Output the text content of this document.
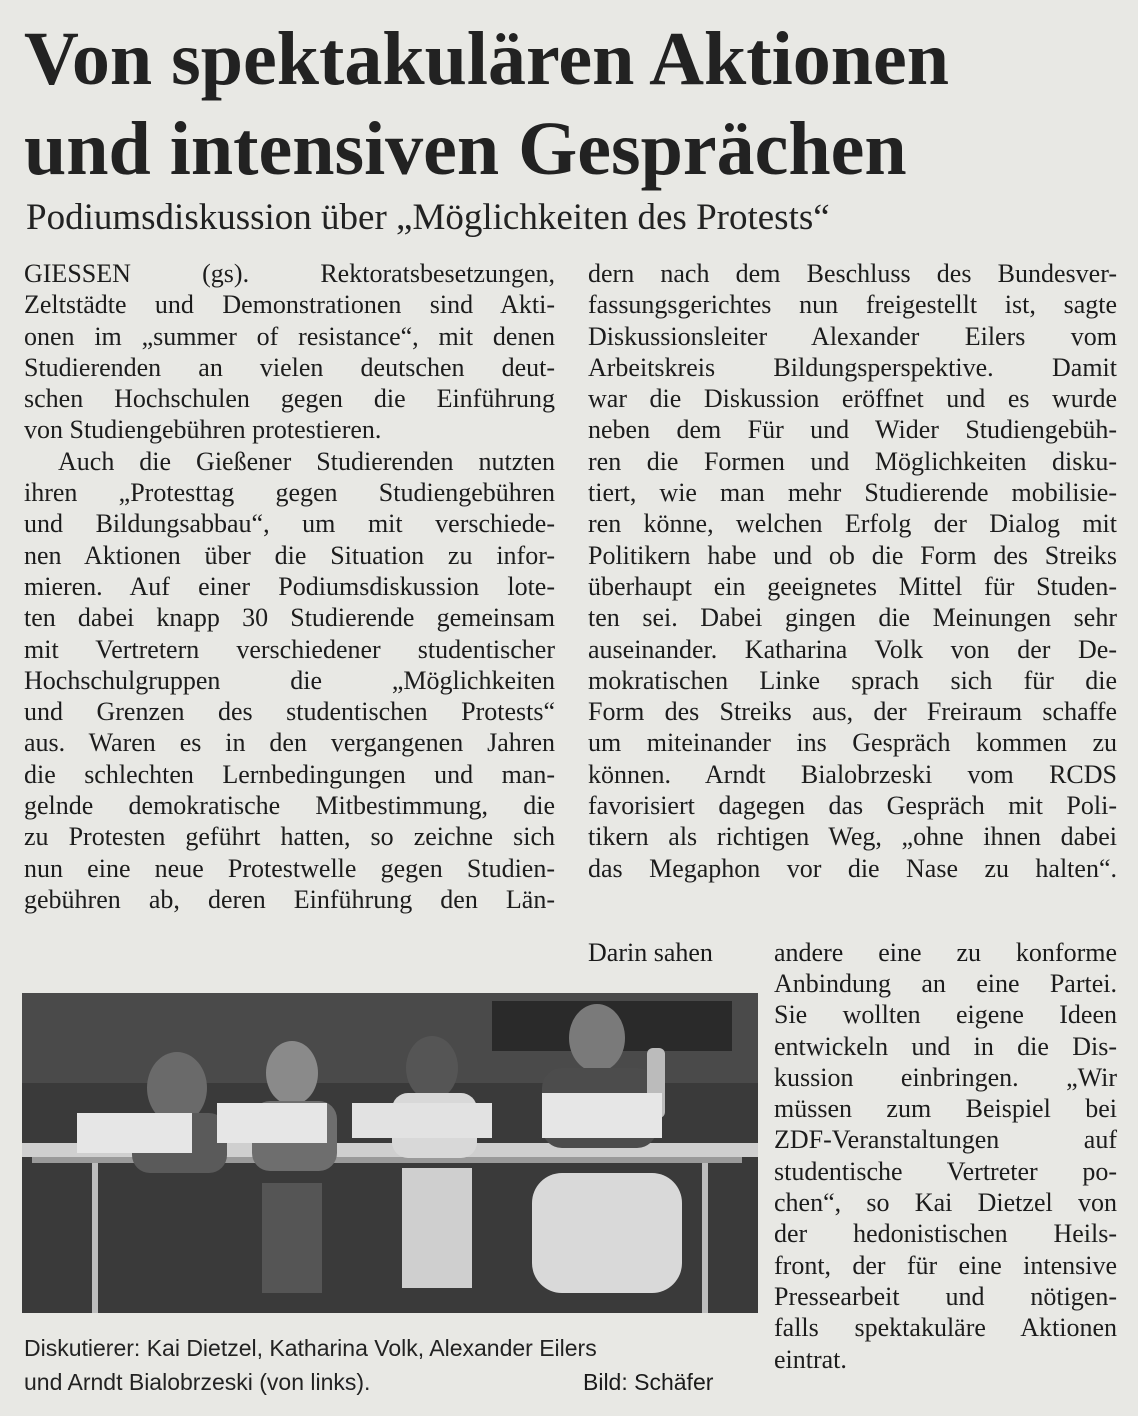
Von spektakulären Aktionen
und intensiven Gesprächen
Podiumsdiskussion über „Möglichkeiten des Protests“
GIESSEN (gs). Rektoratsbesetzungen,
Zeltstädte und Demonstrationen sind Akti-
onen im „summer of resistance“, mit denen
Studierenden an vielen deutschen deut-
schen Hochschulen gegen die Einführung
von Studiengebühren protestieren.
Auch die Gießener Studierenden nutzten
ihren „Protesttag gegen Studiengebühren
und Bildungsabbau“, um mit verschiede-
nen Aktionen über die Situation zu infor-
mieren. Auf einer Podiumsdiskussion lote-
ten dabei knapp 30 Studierende gemeinsam
mit Vertretern verschiedener studentischer
Hochschulgruppen die „Möglichkeiten
und Grenzen des studentischen Protests“
aus. Waren es in den vergangenen Jahren
die schlechten Lernbedingungen und man-
gelnde demokratische Mitbestimmung, die
zu Protesten geführt hatten, so zeichne sich
nun eine neue Protestwelle gegen Studien-
gebühren ab, deren Einführung den Län-
dern nach dem Beschluss des Bundesver-
fassungsgerichtes nun freigestellt ist, sagte
Diskussionsleiter Alexander Eilers vom
Arbeitskreis Bildungsperspektive. Damit
war die Diskussion eröffnet und es wurde
neben dem Für und Wider Studiengebüh-
ren die Formen und Möglichkeiten disku-
tiert, wie man mehr Studierende mobilisie-
ren könne, welchen Erfolg der Dialog mit
Politikern habe und ob die Form des Streiks
überhaupt ein geeignetes Mittel für Studen-
ten sei. Dabei gingen die Meinungen sehr
auseinander. Katharina Volk von der De-
mokratischen Linke sprach sich für die
Form des Streiks aus, der Freiraum schaffe
um miteinander ins Gespräch kommen zu
können. Arndt Bialobrzeski vom RCDS
favorisiert dagegen das Gespräch mit Poli-
tikern als richtigen Weg, „ohne ihnen dabei
das Megaphon vor die Nase zu halten“.
Darin sahen andere eine zu konforme
Anbindung an eine Partei.
Sie wollten eigene Ideen
entwickeln und in die Dis-
kussion einbringen. „Wir
müssen zum Beispiel bei
ZDF-Veranstaltungen auf
studentische Vertreter po-
chen“, so Kai Dietzel von
der hedonistischen Heils-
front, der für eine intensive
Pressearbeit und nötigen-
falls spektakuläre Aktionen
eintrat.
Diskutierer: Kai Dietzel, Katharina Volk, Alexander Eilers
und Arndt Bialobrzeski (von links).	Bild: Schäfer
